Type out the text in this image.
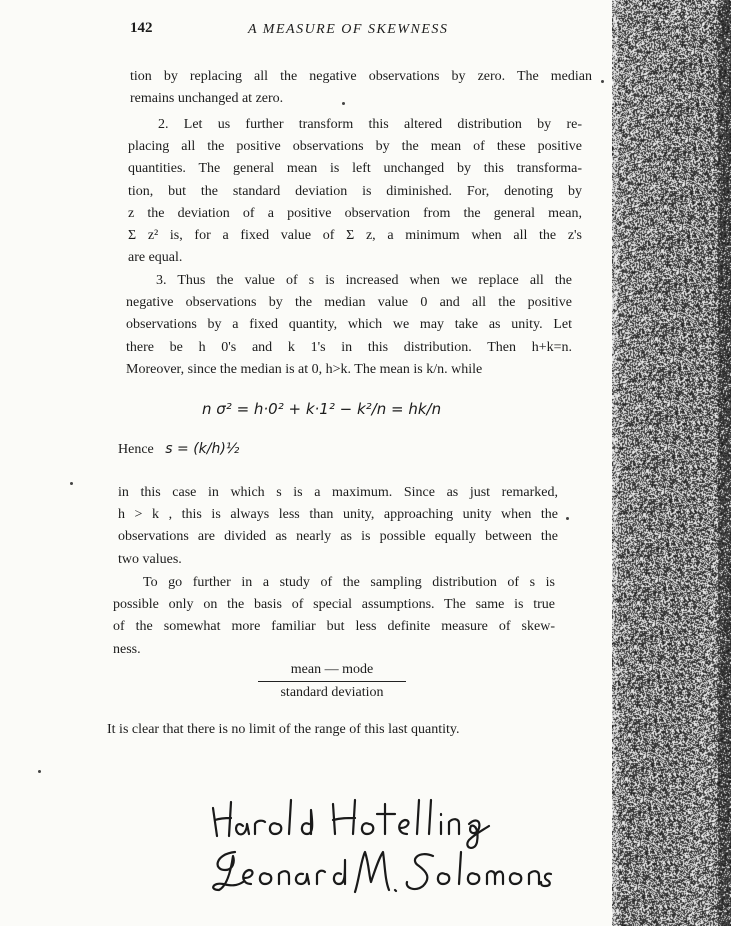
142	A MEASURE OF SKEWNESS
tion by replacing all the negative observations by zero. The median
remains unchanged at zero.
2. Let us further transform this altered distribution by re-
placing all the positive observations by the mean of these positive
quantities. The general mean is left unchanged by this transforma-
tion, but the standard deviation is diminished. For, denoting by
z the deviation of a positive observation from the general mean,
Σ z² is, for a fixed value of Σ z, a minimum when all the z's
are equal.
3. Thus the value of s is increased when we replace all the
negative observations by the median value 0 and all the positive
observations by a fixed quantity, which we may take as unity. Let
there be h 0's and k 1's in this distribution. Then h+k=n.
Moreover, since the median is at 0, h>k. The mean is k/n. while
n σ² = h·0² + k·1² − k²/n = hk/n
Hence s = (k/h)½
in this case in which s is a maximum. Since as just remarked,
h > k , this is always less than unity, approaching unity when the
observations are divided as nearly as is possible equally between the
two values.
To go further in a study of the sampling distribution of s is
possible only on the basis of special assumptions. The same is true
of the somewhat more familiar but less definite measure of skew-
ness.
mean — mode
standard deviation
It is clear that there is no limit of the range of this last quantity.
